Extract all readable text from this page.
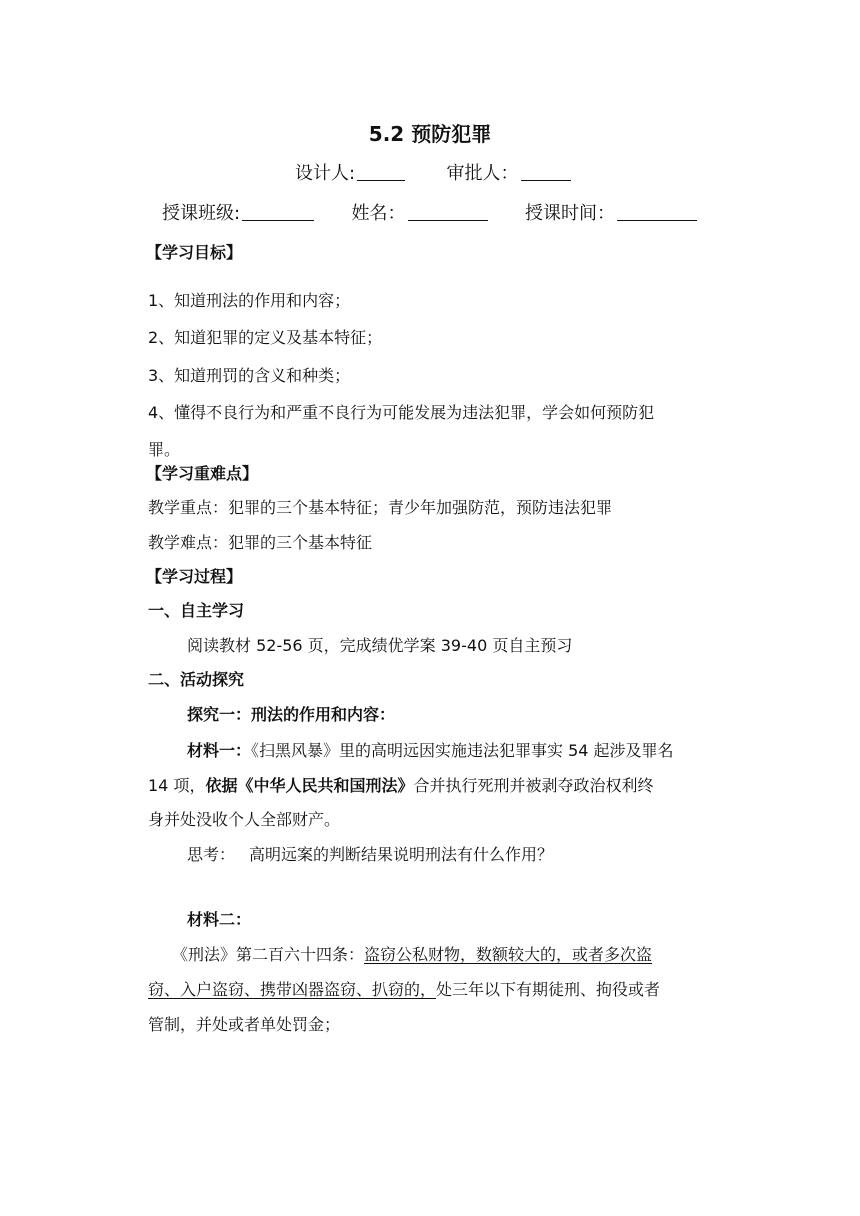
5.2 预防犯罪
设计人:	审批人：
授课班级:	姓名：	授课时间：
【学习目标】
1、知道刑法的作用和内容；
2、知道犯罪的定义及基本特征；
3、知道刑罚的含义和种类；
4、懂得不良行为和严重不良行为可能发展为违法犯罪，学会如何预防犯
罪。
【学习重难点】
教学重点：犯罪的三个基本特征；青少年加强防范，预防违法犯罪
教学难点：犯罪的三个基本特征
【学习过程】
一、自主学习
阅读教材 52-56 页，完成绩优学案 39-40 页自主预习
二、活动探究
探究一：刑法的作用和内容：
材料一：《扫黑风暴》里的高明远因实施违法犯罪事实 54 起涉及罪名
14 项，依据《中华人民共和国刑法》合并执行死刑并被剥夺政治权利终
身并处没收个人全部财产。
思考： 高明远案的判断结果说明刑法有什么作用？
材料二：
《刑法》第二百六十四条：盗窃公私财物，数额较大的，或者多次盗
窃、入户盗窃、携带凶器盗窃、扒窃的，处三年以下有期徒刑、拘役或者
管制，并处或者单处罚金；
